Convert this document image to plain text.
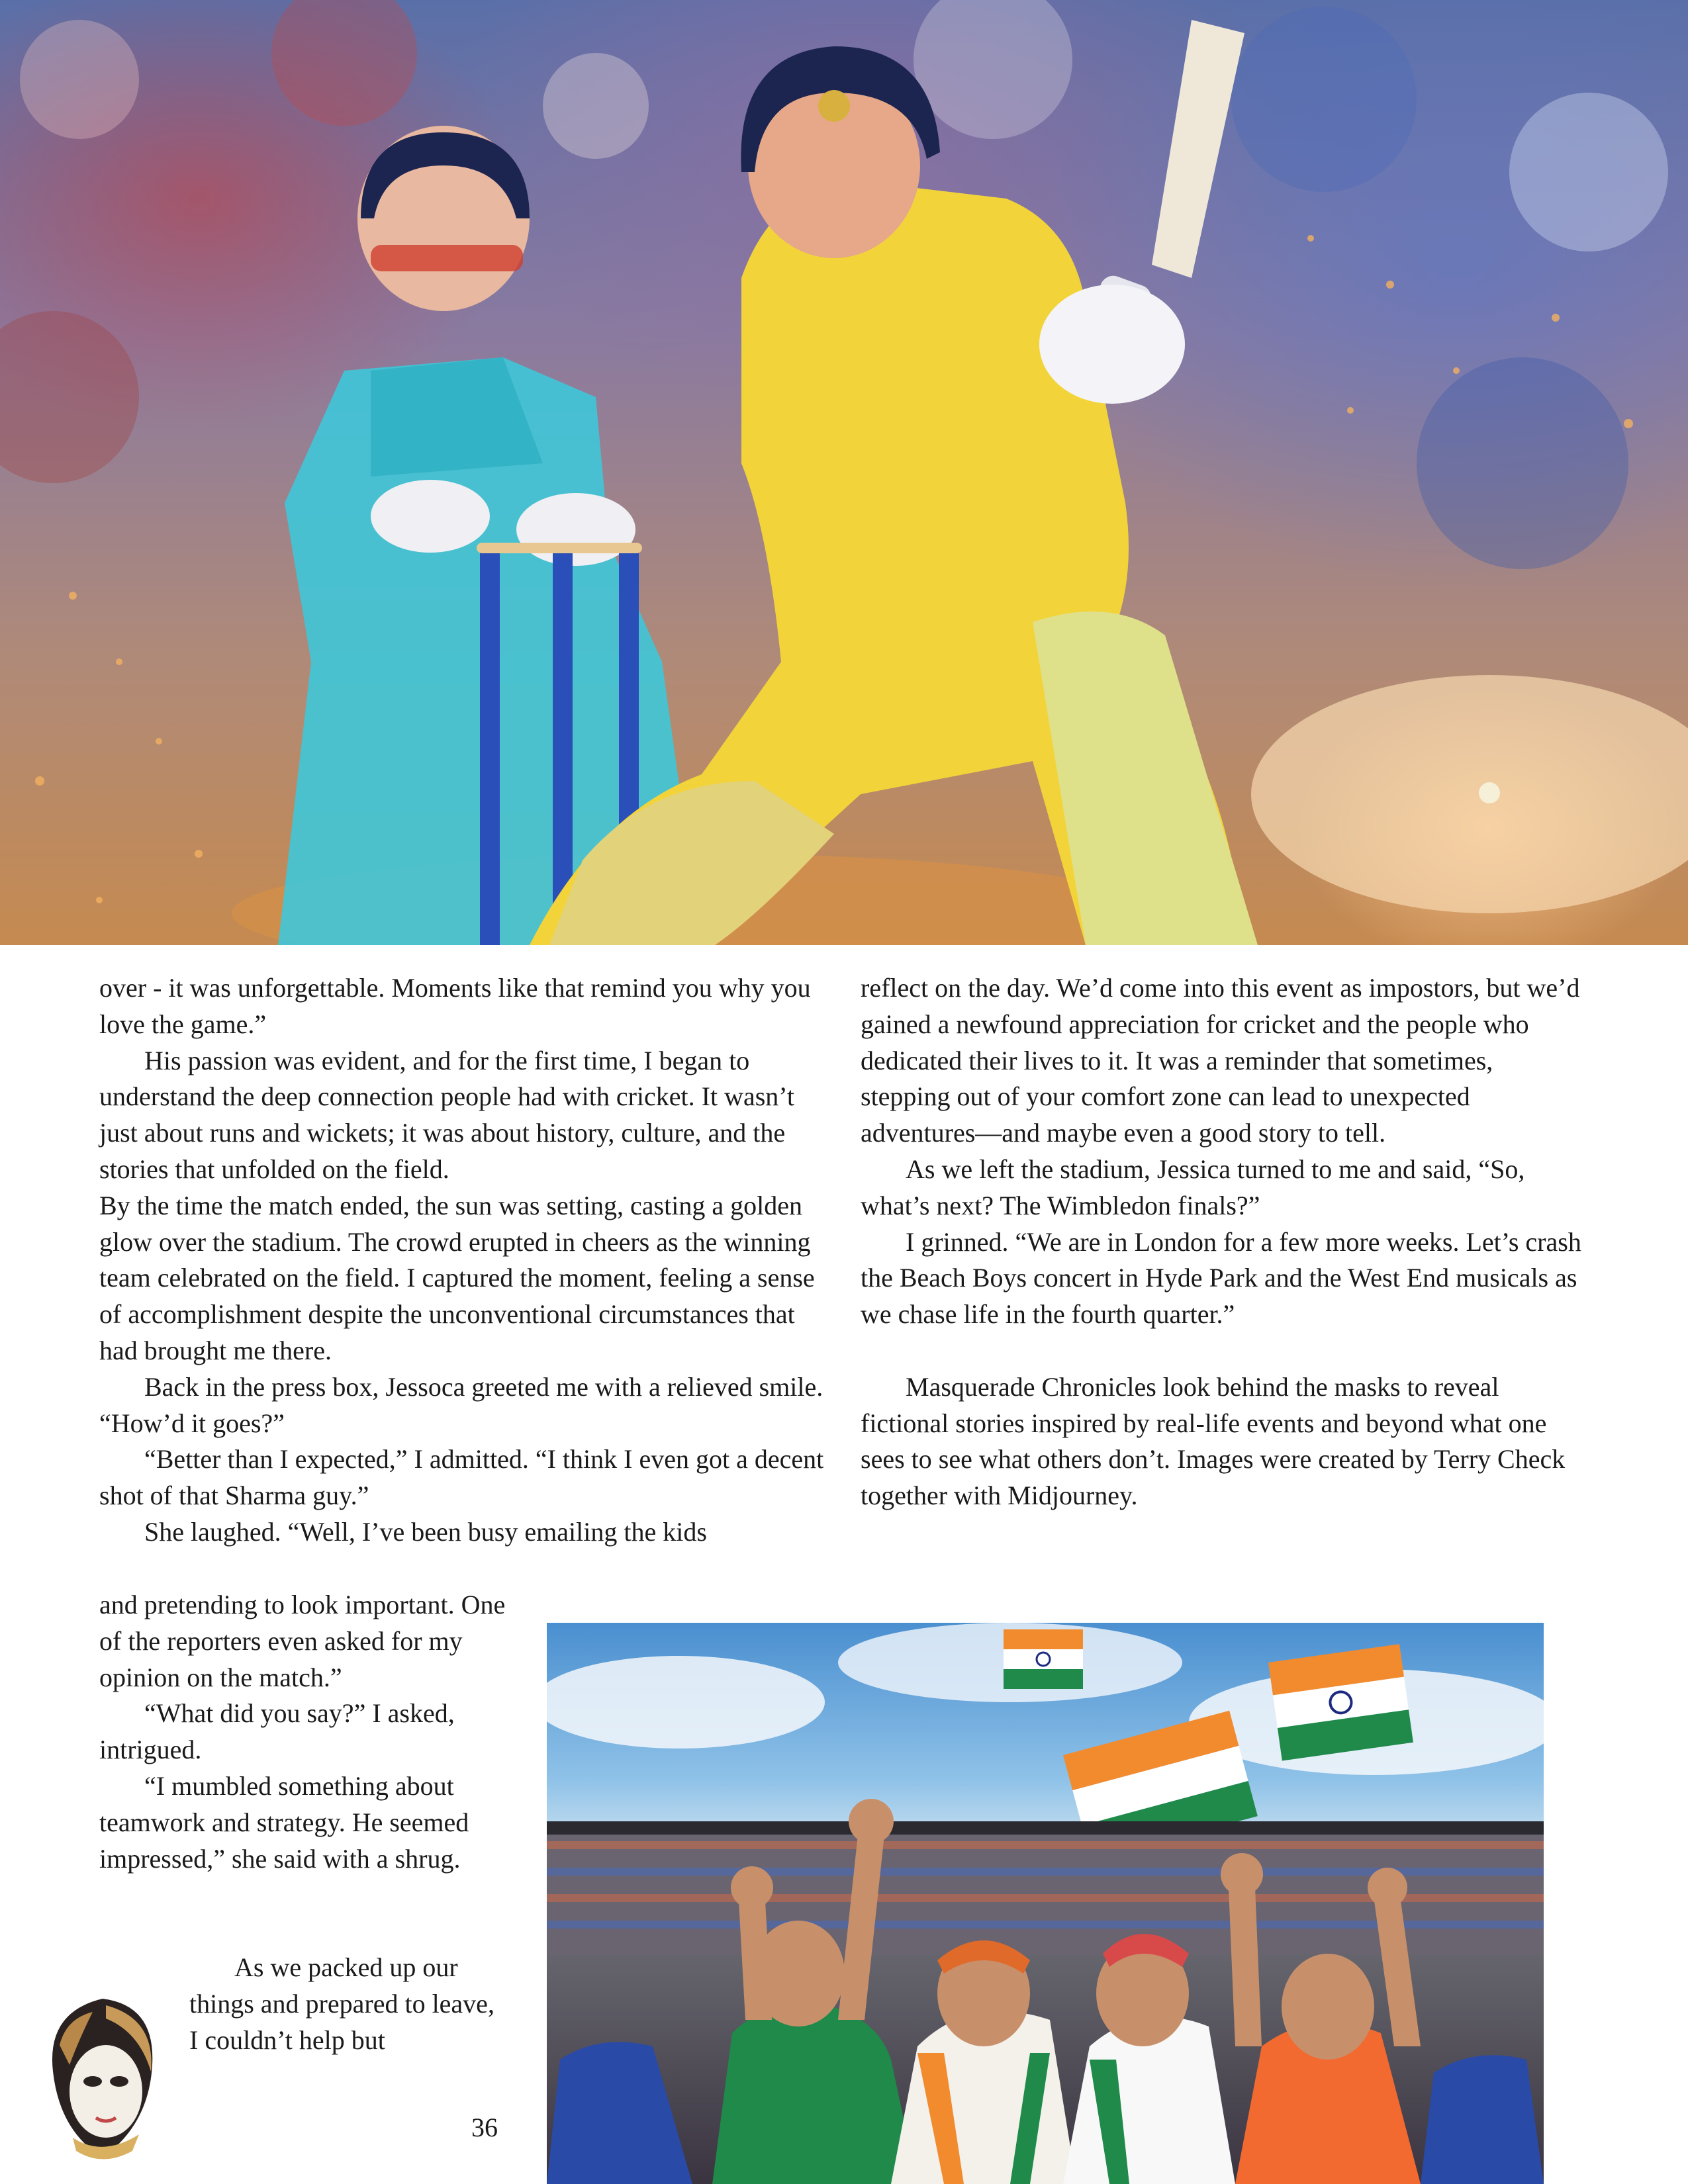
over - it was unforgettable. Moments like that remind you why you love the game.”

His passion was evident, and for the first time, I began to understand the deep connection people had with cricket. It wasn’t just about runs and wickets; it was about history, culture, and the stories that unfolded on the field.

By the time the match ended, the sun was setting, casting a golden glow over the stadium. The crowd erupted in cheers as the winning team celebrated on the field. I captured the moment, feeling a sense of accomplishment despite the unconventional circumstances that had brought me there.

Back in the press box, Jessoca greeted me with a relieved smile. “How’d it goes?”

“Better than I expected,” I admitted. “I think I even got a decent shot of that Sharma guy.”

She laughed. “Well, I’ve been busy emailing the kids

and pretending to look important. One of the reporters even asked for my opinion on the match.”

“What did you say?” I asked, intrigued.

“I mumbled something about teamwork and strategy. He seemed impressed,” she said with a shrug.

As we packed up our things and prepared to leave, I couldn’t help but

reflect on the day. We’d come into this event as impostors, but we’d gained a newfound appreciation for cricket and the people who dedicated their lives to it. It was a reminder that sometimes, stepping out of your comfort zone can lead to unexpected adventures—and maybe even a good story to tell.

As we left the stadium, Jessica turned to me and said, “So, what’s next? The Wimbledon finals?”

I grinned. “We are in London for a few more weeks. Let’s crash the Beach Boys concert in Hyde Park and the West End musicals as we chase life in the fourth quarter.”

Masquerade Chronicles look behind the masks to reveal fictional stories inspired by real-life events and beyond what one sees to see what others don’t. Images were created by Terry Check together with Midjourney.

36
